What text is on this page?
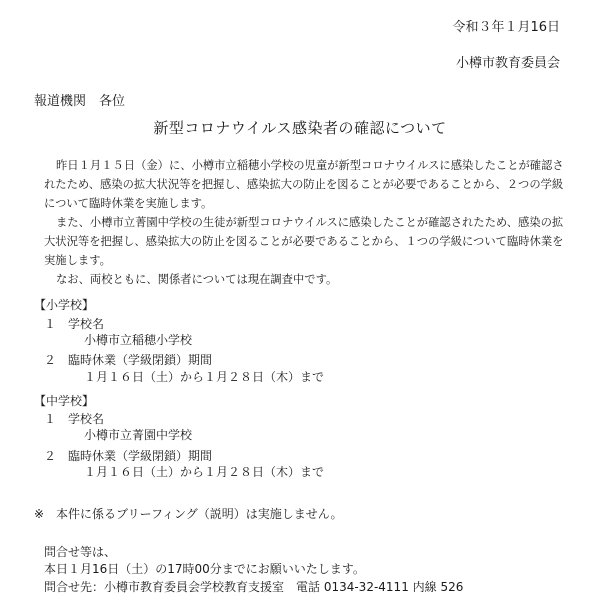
令和３年１月16日
小樽市教育委員会
報道機関　各位
新型コロナウイルス感染者の確認について

昨日１月１５日（金）に、小樽市立稲穂小学校の児童が新型コロナウイルスに感染したことが確認されたため、感染の拡大状況等を把握し、感染拡大の防止を図ることが必要であることから、２つの学級について臨時休業を実施します。

また、小樽市立菁園中学校の生徒が新型コロナウイルスに感染したことが確認されたため、感染の拡大状況等を把握し、感染拡大の防止を図ることが必要であることから、１つの学級について臨時休業を実施します。

なお、両校ともに、関係者については現在調査中です。

【小学校】
１　学校名
小樽市立稲穂小学校
２　臨時休業（学級閉鎖）期間
１月１６日（土）から１月２８日（木）まで
【中学校】
１　学校名
小樽市立菁園中学校
２　臨時休業（学級閉鎖）期間
１月１６日（土）から１月２８日（木）まで
※　本件に係るブリーフィング（説明）は実施しません。
問合せ等は、
本日１月16日（土）の17時00分までにお願いいたします。
問合せ先：小樽市教育委員会学校教育支援室　電話 0134-32-4111 内線 526
